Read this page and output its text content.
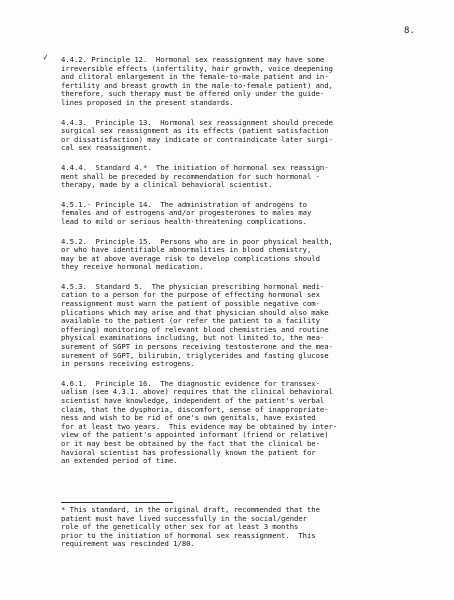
8.
✓ 4.4.2. Principle 12.  Hormonal sex reassignment may have some
irreversible effects (infertility, hair growth, voice deepening
and clitoral enlargement in the female-to-male patient and in-
fertility and breast growth in the male-to-female patient) and,
therefore, such therapy must be offered only under the guide-
lines proposed in the present standards.
4.4.3.  Principle 13.  Hormonal sex reassignment should precede
surgical sex reassignment as its effects (patient satisfaction
or dissatisfaction) may indicate or contraindicate later surgi-
cal sex reassignment.
4.4.4.  Standard 4.*  The initiation of hormonal sex reassign-
ment shall be preceded by recommendation for such hormonal ·
therapy, made by a clinical behavioral scientist.
4.5.1.· Principle 14.  The administration of androgens to
females and of estrogens and/or progesterones to males may
lead to mild or serious health-threatening complications.
4.5.2.  Principle 15.  Persons who are in poor physical health,
or who have identifiable abnormalities in blood chemistry,
may be at above average risk to develop complications should
they receive hormonal medication.
4.5.3.  Standard 5.  The physician prescribing hormonal medi-
cation to a person for the purpose of effecting hormonal sex
reassignment must warn the patient of possible negative com-
plications which may arise and that physician should also make
available to the patient (or refer the patient to a facility
offering) monitoring of relevant blood chemistries and routine
physical examinations including, but not limited to, the mea-
surement of SGPT in persons receiving testosterone and the mea-
surement of SGPT, bilirubin, triglycerides and fasting glucose
in persons receiving estrogens.
4.6.1.  Principle 16.  The diagnostic evidence for transsex-
ualism (see 4.3.1. above) requires that the clinical behavioral
scientist have knowledge, independent of the patient's verbal
claim, that the dysphoria, discomfort, sense of inappropriate-
ness and wish to be rid of one's own genitals, have existed
for at least two years.  This evidence may be obtained by inter-
view of the patient's appointed informant (friend or relative)
or it may best be obtained by the fact that the clinical be-
havioral scientist has professionally known the patient for
an extended period of time.
* This standard, in the original draft, recommended that the
patient must have lived successfully in the social/gender
role of the genetically other sex for at least 3 months
prior to the initiation of hormonal sex reassignment.  This
requirement was rescinded 1/80.
